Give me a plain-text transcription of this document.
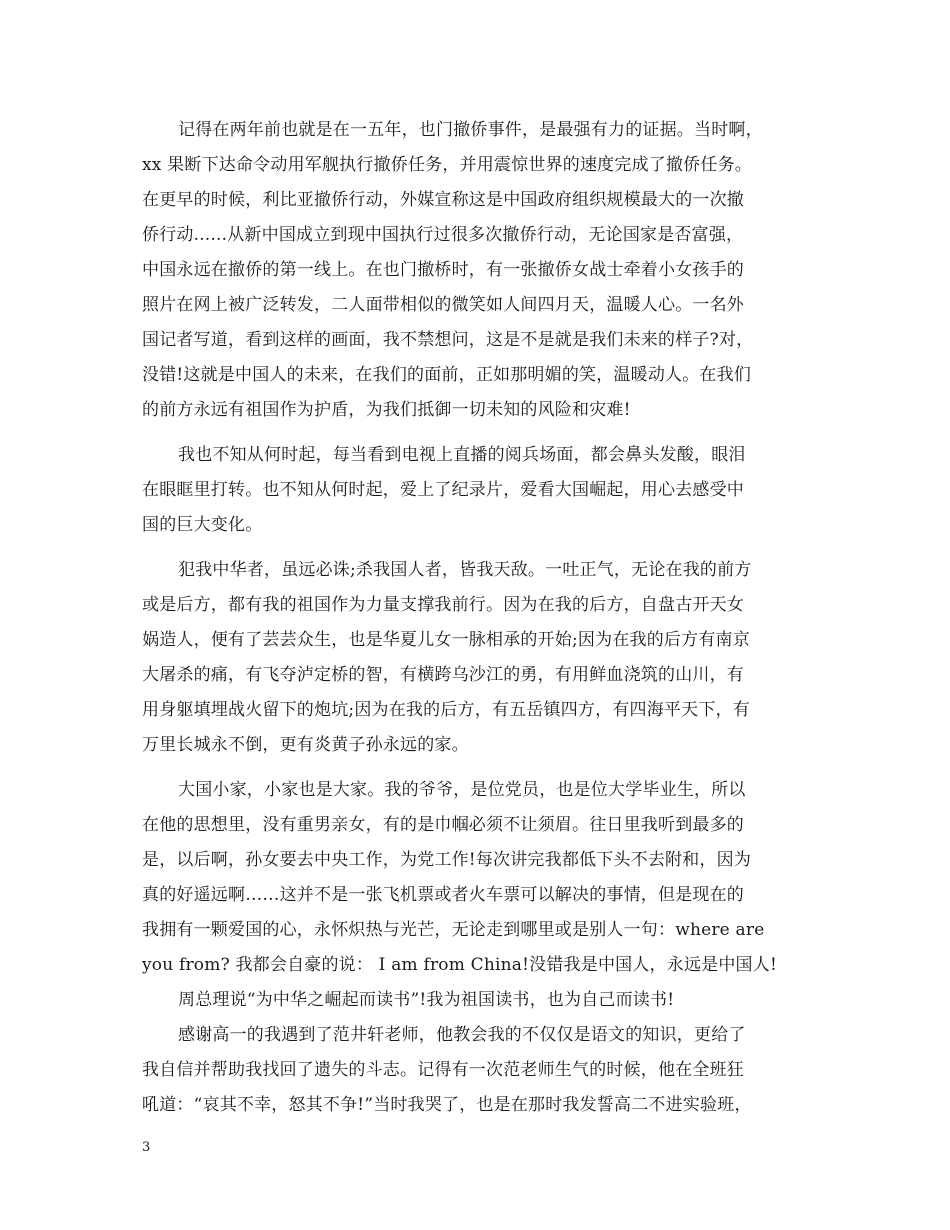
记得在两年前也就是在一五年，也门撤侨事件，是最强有力的证据。当时啊，
xx 果断下达命令动用军舰执行撤侨任务，并用震惊世界的速度完成了撤侨任务。
在更早的时候，利比亚撤侨行动，外媒宣称这是中国政府组织规模最大的一次撤
侨行动......从新中国成立到现中国执行过很多次撤侨行动，无论国家是否富强，
中国永远在撤侨的第一线上。在也门撤桥时，有一张撤侨女战士牵着小女孩手的
照片在网上被广泛转发，二人面带相似的微笑如人间四月天，温暖人心。一名外
国记者写道，看到这样的画面，我不禁想问，这是不是就是我们未来的样子?对，
没错!这就是中国人的未来，在我们的面前，正如那明媚的笑，温暖动人。在我们
的前方永远有祖国作为护盾，为我们抵御一切未知的风险和灾难!
我也不知从何时起，每当看到电视上直播的阅兵场面，都会鼻头发酸，眼泪
在眼眶里打转。也不知从何时起，爱上了纪录片，爱看大国崛起，用心去感受中
国的巨大变化。
犯我中华者，虽远必诛;杀我国人者，皆我天敌。一吐正气，无论在我的前方
或是后方，都有我的祖国作为力量支撑我前行。因为在我的后方，自盘古开天女
娲造人，便有了芸芸众生，也是华夏儿女一脉相承的开始;因为在我的后方有南京
大屠杀的痛，有飞夺泸定桥的智，有横跨乌沙江的勇，有用鲜血浇筑的山川，有
用身躯填埋战火留下的炮坑;因为在我的后方，有五岳镇四方，有四海平天下，有
万里长城永不倒，更有炎黄子孙永远的家。
大国小家，小家也是大家。我的爷爷，是位党员，也是位大学毕业生，所以
在他的思想里，没有重男亲女，有的是巾帼必须不让须眉。往日里我听到最多的
是，以后啊，孙女要去中央工作，为党工作!每次讲完我都低下头不去附和，因为
真的好遥远啊……这并不是一张飞机票或者火车票可以解决的事情，但是现在的
我拥有一颗爱国的心，永怀炽热与光芒，无论走到哪里或是别人一句：where are
you from? 我都会自豪的说： I am from China!没错我是中国人，永远是中国人!
周总理说“为中华之崛起而读书”!我为祖国读书，也为自己而读书!
感谢高一的我遇到了范井轩老师，他教会我的不仅仅是语文的知识，更给了
我自信并帮助我找回了遗失的斗志。记得有一次范老师生气的时候，他在全班狂
吼道：“哀其不幸，怒其不争!”当时我哭了，也是在那时我发誓高二不进实验班，
3
